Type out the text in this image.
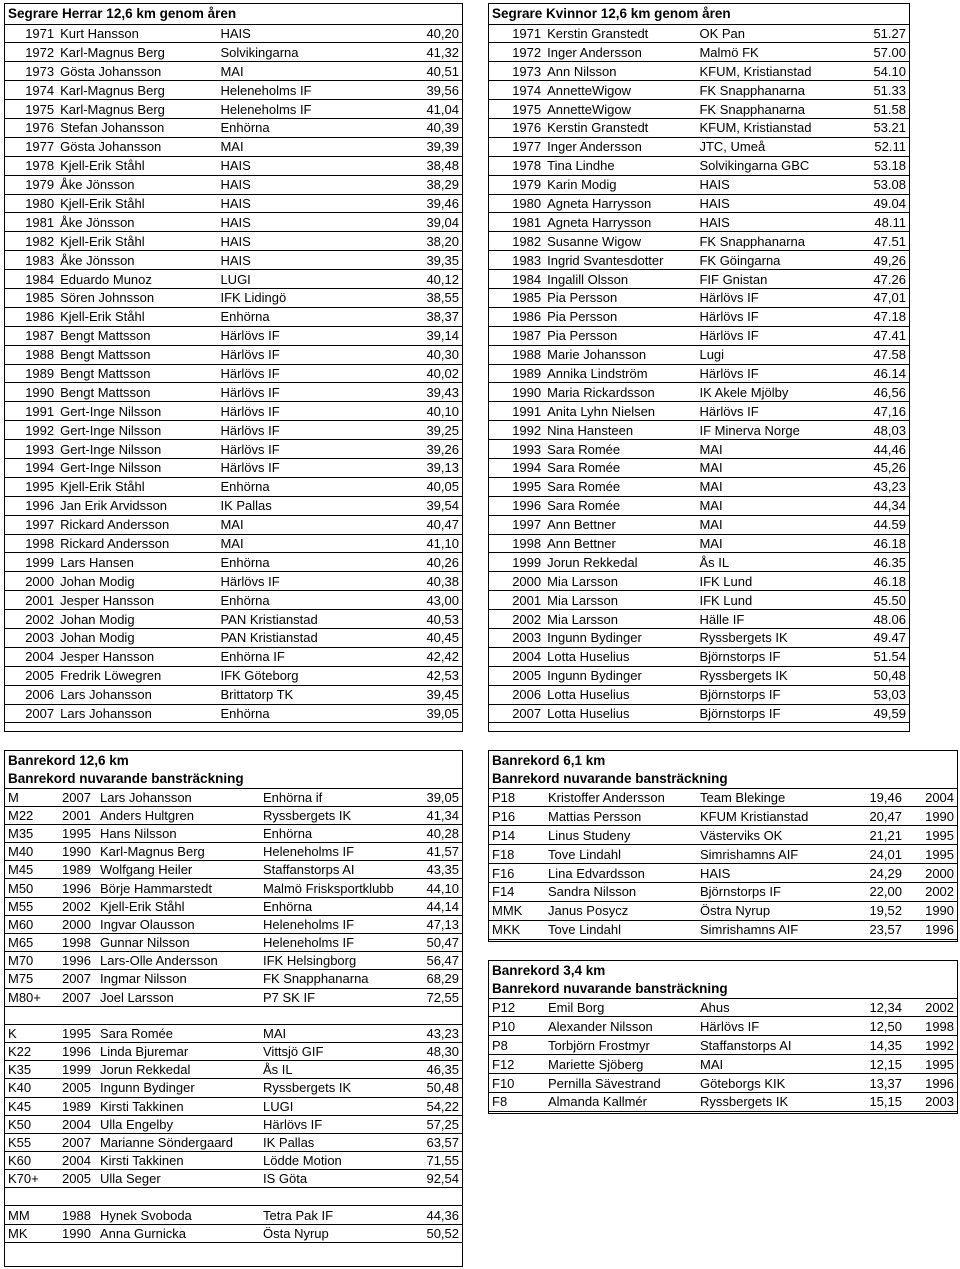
Segrare Herrar 12,6 km genom åren			
1971	Kurt Hansson	HAIS	40,20
1972	Karl-Magnus Berg	Solvikingarna	41,32
1973	Gösta Johansson	MAI	40,51
1974	Karl-Magnus Berg	Heleneholms IF	39,56
1975	Karl-Magnus Berg	Heleneholms IF	41,04
1976	Stefan Johansson	Enhörna	40,39
1977	Gösta Johansson	MAI	39,39
1978	Kjell-Erik Ståhl	HAIS	38,48
1979	Åke Jönsson	HAIS	38,29
1980	Kjell-Erik Ståhl	HAIS	39,46
1981	Åke Jönsson	HAIS	39,04
1982	Kjell-Erik Ståhl	HAIS	38,20
1983	Åke Jönsson	HAIS	39,35
1984	Eduardo Munoz	LUGI	40,12
1985	Sören Johnsson	IFK Lidingö	38,55
1986	Kjell-Erik Ståhl	Enhörna	38,37
1987	Bengt Mattsson	Härlövs IF	39,14
1988	Bengt Mattsson	Härlövs IF	40,30
1989	Bengt Mattsson	Härlövs IF	40,02
1990	Bengt Mattsson	Härlövs IF	39,43
1991	Gert-Inge Nilsson	Härlövs IF	40,10
1992	Gert-Inge Nilsson	Härlövs IF	39,25
1993	Gert-Inge Nilsson	Härlövs IF	39,26
1994	Gert-Inge Nilsson	Härlövs IF	39,13
1995	Kjell-Erik Ståhl	Enhörna	40,05
1996	Jan Erik Arvidsson	IK Pallas	39,54
1997	Rickard Andersson	MAI	40,47
1998	Rickard Andersson	MAI	41,10
1999	Lars Hansen	Enhörna	40,26
2000	Johan Modig	Härlövs IF	40,38
2001	Jesper Hansson	Enhörna	43,00
2002	Johan Modig	PAN Kristianstad	40,53
2003	Johan Modig	PAN Kristianstad	40,45
2004	Jesper Hansson	Enhörna IF	42,42
2005	Fredrik Löwegren	IFK Göteborg	42,53
2006	Lars Johansson	Brittatorp TK	39,45
2007	Lars Johansson	Enhörna	39,05
Segrare Kvinnor 12,6 km genom åren			
1971	Kerstin Granstedt	OK Pan	51.27
1972	Inger Andersson	Malmö FK	57.00
1973	Ann Nilsson	KFUM, Kristianstad	54.10
1974	AnnetteWigow	FK Snapphanarna	51.33
1975	AnnetteWigow	FK Snapphanarna	51.58
1976	Kerstin Granstedt	KFUM, Kristianstad	53.21
1977	Inger Andersson	JTC, Umeå	52.11
1978	Tina Lindhe	Solvikingarna GBC	53.18
1979	Karin Modig	HAIS	53.08
1980	Agneta Harrysson	HAIS	49.04
1981	Agneta Harrysson	HAIS	48.11
1982	Susanne Wigow	FK Snapphanarna	47.51
1983	Ingrid Svantesdotter	FK Göingarna	49,26
1984	Ingalill Olsson	FIF Gnistan	47.26
1985	Pia Persson	Härlövs IF	47,01
1986	Pia Persson	Härlövs IF	47.18
1987	Pia Persson	Härlövs IF	47.41
1988	Marie Johansson	Lugi	47.58
1989	Annika Lindström	Härlövs IF	46.14
1990	Maria Rickardsson	IK Akele Mjölby	46,56
1991	Anita Lyhn Nielsen	Härlövs IF	47,16
1992	Nina Hansteen	IF Minerva Norge	48,03
1993	Sara Romée	MAI	44,46
1994	Sara Romée	MAI	45,26
1995	Sara Romée	MAI	43,23
1996	Sara Romée	MAI	44,34
1997	Ann Bettner	MAI	44.59
1998	Ann Bettner	MAI	46.18
1999	Jorun Rekkedal	Ås IL	46.35
2000	Mia Larsson	IFK Lund	46.18
2001	Mia Larsson	IFK Lund	45.50
2002	Mia Larsson	Hälle IF	48.06
2003	Ingunn Bydinger	Ryssbergets IK	49.47
2004	Lotta Huselius	Björnstorps IF	51.54
2005	Ingunn Bydinger	Ryssbergets IK	50,48
2006	Lotta Huselius	Björnstorps IF	53,03
2007	Lotta Huselius	Björnstorps IF	49,59
Banrekord 12,6 km				
Banrekord nuvarande bansträckning				
M	2007	Lars Johansson	Enhörna if	39,05
M22	2001	Anders Hultgren	Ryssbergets IK	41,34
M35	1995	Hans Nilsson	Enhörna	40,28
M40	1990	Karl-Magnus Berg	Heleneholms IF	41,57
M45	1989	Wolfgang Heiler	Staffanstorps AI	43,35
M50	1996	Börje Hammarstedt	Malmö Frisksportklubb	44,10
M55	2002	Kjell-Erik Ståhl	Enhörna	44,14
M60	2000	Ingvar Olausson	Heleneholms IF	47,13
M65	1998	Gunnar Nilsson	Heleneholms IF	50,47
M70	1996	Lars-Olle Andersson	IFK Helsingborg	56,47
M75	2007	Ingmar Nilsson	FK Snapphanarna	68,29
M80+	2007	Joel Larsson	P7 SK IF	72,55

K	1995	Sara Romée	MAI	43,23
K22	1996	Linda Bjuremar	Vittsjö GIF	48,30
K35	1999	Jorun Rekkedal	Ås IL	46,35
K40	2005	Ingunn Bydinger	Ryssbergets IK	50,48
K45	1989	Kirsti Takkinen	LUGI	54,22
K50	2004	Ulla Engelby	Härlövs IF	57,25
K55	2007	Marianne Söndergaard	IK Pallas	63,57
K60	2004	Kirsti Takkinen	Lödde Motion	71,55
K70+	2005	Ulla Seger	IS Göta	92,54

MM	1988	Hynek Svoboda	Tetra Pak IF	44,36
MK	1990	Anna Gurnicka	Östa Nyrup	50,52
Banrekord 6,1 km				
Banrekord nuvarande bansträckning				
P18	Kristoffer Andersson	Team Blekinge	19,46	2004
P16	Mattias Persson	KFUM Kristianstad	20,47	1990
P14	Linus Studeny	Västerviks OK	21,21	1995
F18	Tove Lindahl	Simrishamns AIF	24,01	1995
F16	Lina Edvardsson	HAIS	24,29	2000
F14	Sandra Nilsson	Björnstorps IF	22,00	2002
MMK	Janus Posycz	Östra Nyrup	19,52	1990
MKK	Tove Lindahl	Simrishamns AIF	23,57	1996
Banrekord 3,4 km				
Banrekord nuvarande bansträckning				
P12	Emil Borg	Ahus	12,34	2002
P10	Alexander Nilsson	Härlövs IF	12,50	1998
P8	Torbjörn Frostmyr	Staffanstorps AI	14,35	1992
F12	Mariette Sjöberg	MAI	12,15	1995
F10	Pernilla Sävestrand	Göteborgs KIK	13,37	1996
F8	Almanda Kallmér	Ryssbergets IK	15,15	2003
